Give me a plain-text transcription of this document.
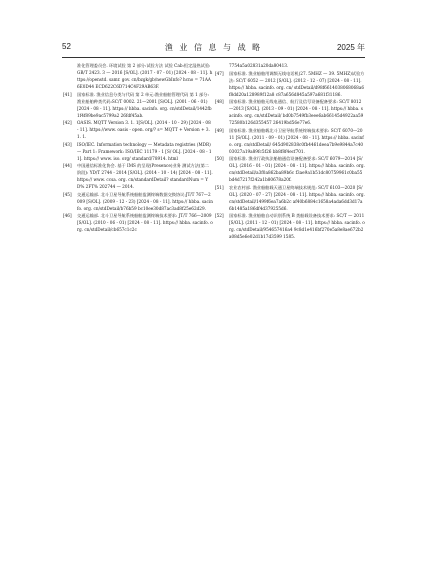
52	渔 业 信 息 与 战 略	2025 年
准化管理委员会. 环境试验 第 2 部分:试验方法 试验 Cab:恒定湿热试验: GB/T 2423. 3 — 2016 [S/OL]. (2017 - 07 - 01) [2024 - 08 - 11]. https://openstd. samr. gov. cn/bzgk/gb/newGbInfo? hcno = 71AA6E0D44 ECD622C6D714C4F29AB63F.
[41] 国家标准. 渔业信息分类与代码 第 2 单元:渔业船舶管理代码 第 1 部分:渔业船舶种类代码:SC/T 0002. 21—2001 [S/OL]. (2001 - 06 - 01) [2024 - 08 - 11]. https:// hbba. sacinfo. org. cn/stdDetail/1442fb1f4f89be9ac5799a2 26fdf45ab.
[42] OASIS. MQTT Version 3. 1. 1[S/OL]. (2014 - 10 - 29) [2024 - 08 - 11]. https://www. oasis - open. org/? s= MQTT + Version + 3. 1. 1.
[43] ISO/IEC. Information technology — Metadata registries (MDR) — Part 1: Framework: ISO/IEC 11179 - 1 [S/ OL]. [2024 - 08 - 11]. https:// www. iso. org/ standard/78914. html
[44] 中国通信标准化协会. 基于 IMS 的呈现(Presence)业务 测试方法(第二阶段): YD/T 2744 - 2014 [S/OL]. (2014 - 10 - 14) [2024 - 08 - 11]. https:// www. ccsa. org. cn/standardDetail? standardNum = YD% 2FT% 202744 — 2014.
[45] 交通运输部. 北斗卫星导航系统船舶监测终端数据交换协议:JT/T 767—2009 [S/OL]. (2009 - 12 - 23) [2024 - 08 - 11]. https:// hbba. sacinfo. org. cn/stdDetail/b76b59 bc10ee30d87ac3ad8f25e62d29.
[46] 交通运输部. 北斗卫星导航系统船舶监测终端技术要求: JT/T 766—2009 [S/OL]. (2010 - 06 - 01) [2024 - 08 - 11]. https:// hbba. sacinfo. org. cn/stdDetail/cb657c1c2c
7754a5a02831a20da80413.
[47] 国家标准. 渔业船舶用调频无线电话机(27. 5MHZ — 39. 5MHZ)试验方法: SC/T 6052 — 2012 [S/OL]. (2012 - 12 - 07) [2024 - 08 - 11]. https:// hbba. sacinfo. org. cn/ stdDetail/d98f6614038068068a6f8dd20a128989f12a8 c87a656d845a597a681f31186.
[48] 国家标准. 渔业船舶无线电通信、航行及信号设备配备要求: SC/T 8012—2013 [S/OL]. (2013 - 09 - 01) [2024 - 08 - 11]. https:// hbba. sacinfo. org. cn/stdDetail/ bd0b7549fb3eee6ab66145d4922aa5972580b126d355457 26419bd56e77e6.
[49] 国家标准. 渔业船舶载北斗卫星导航系统终端技术要求: SC/T 6070—2011 [S/OL]. (2011 - 09 - 01) [2024 - 08 - 11]. https:// hbba. sacinfo. org. cn/stdDetail/ 645d902838c0fb4461deea7b9e9844a7c4003027a19a89fc5f26 bb8f8f4ecf701.
[50] 国家标准. 渔业行政执法船舶通信设备配备要求: SC/T 6079—2014 [S/OL]. (2016 - 01 - 01) [2024 - 08 - 11]. https:// hbba. sacinfo. org. cn/stdDetail/a3f0a862ba89b6c f3ae9a1b51dc80759961c0ba55bd4d7217f242a1b80678a20f.
[51] 农业农村部. 渔业船舶载天通卫星终端技术规范: SC/T 6103—2020 [S/OL]. (2020 - 07 - 27) [2024 - 08 - 11]. https:// hbba. sacinfo. org. cn/stdDetail/1499f6ea7a6b2c af40b6884c1658a4ada6dd3d17a6b1485a186df4d379255d6.
[52] 国家标准. 渔业船舶自动识别系统 B 类船载设备技术要求: SC/T — 2011 [S/OL]. (2011 - 12 - 01) [2024 - 08 - 11]. https:// hbba. sacinfo. org. cn/stdDetail/954657416a4 9c8d1e416bf270e5a8e8ae672b2a08d5e6e02d1b17d3599 1585.
